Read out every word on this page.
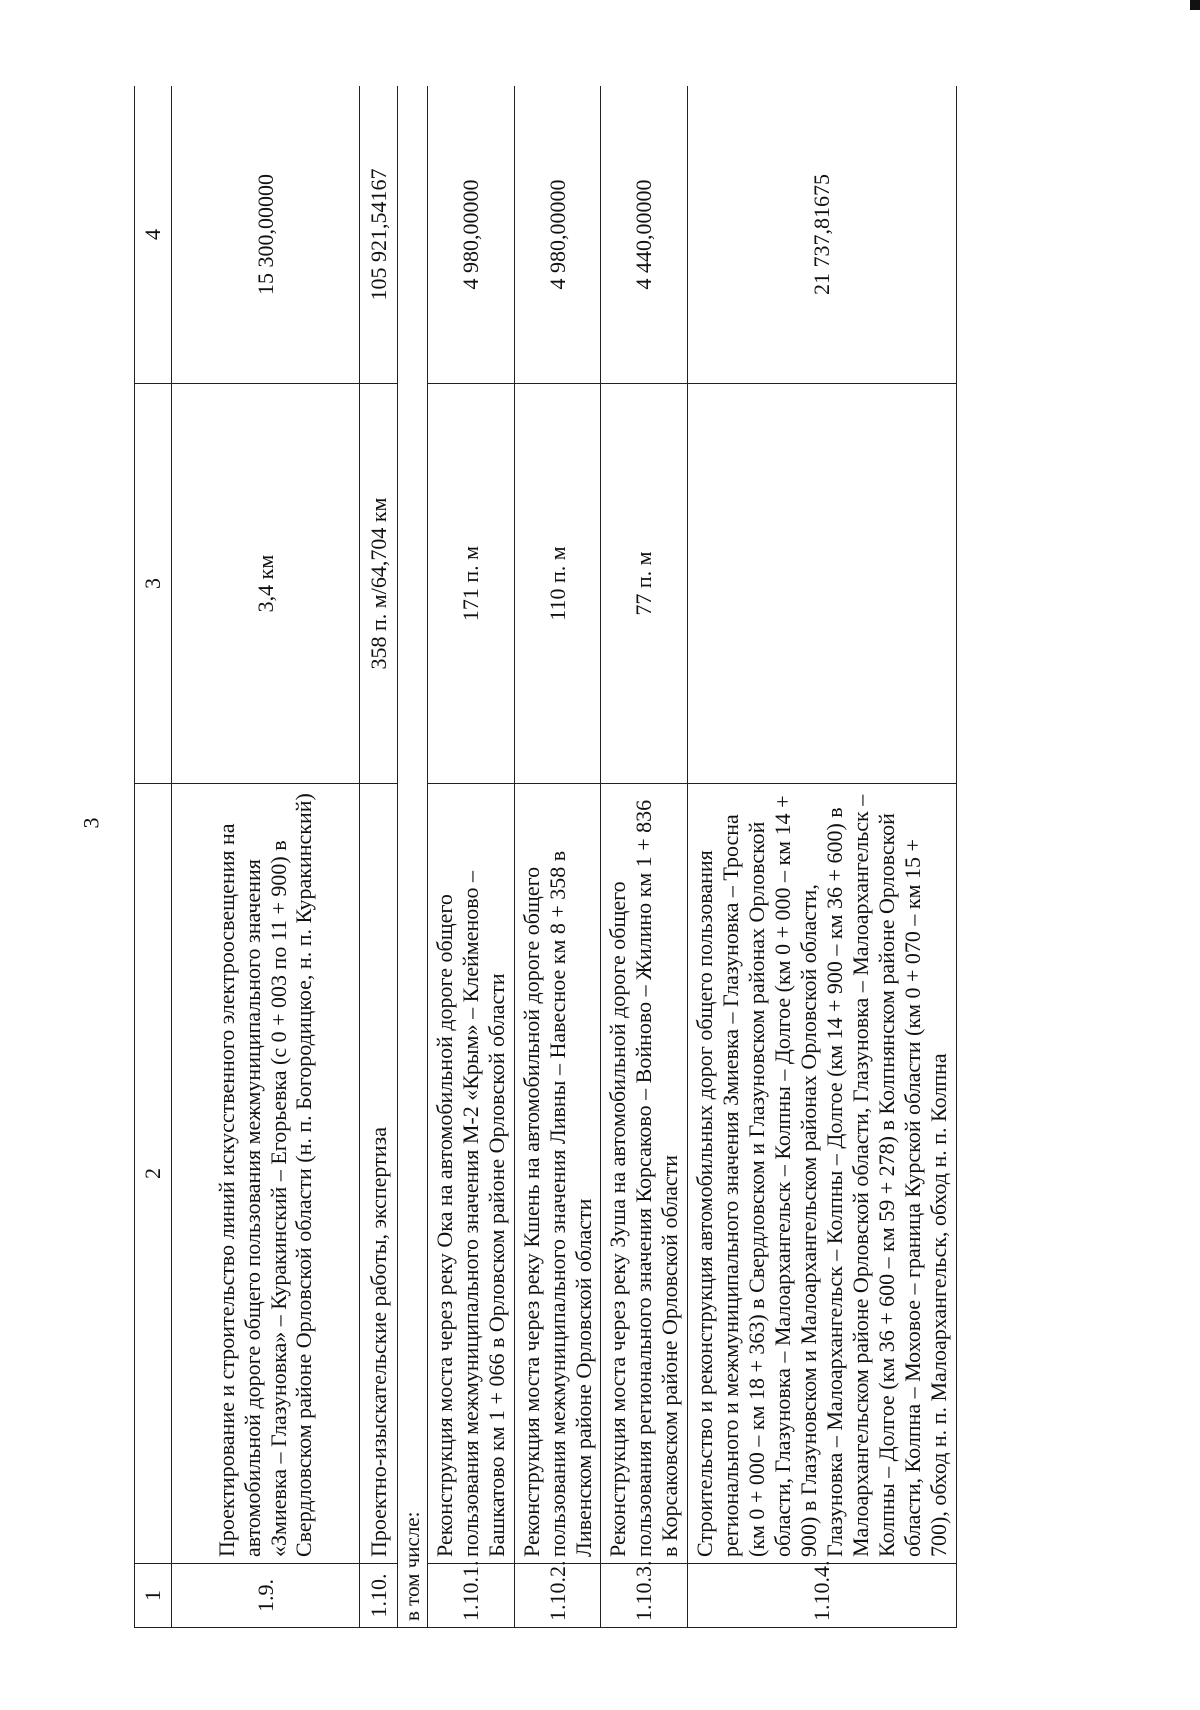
3
1	2	3	4
1.9.	Проектирование и строительство линий искусственного электроосвещения на автомобильной дороге общего пользования межмуниципального значения «Змиевка – Глазуновка» – Куракинский – Егорьевка (с 0 + 003 по 11 + 900) в Свердловском районе Орловской области (н. п. Богородицкое, н. п. Куракинский)	3,4 км	15 300,00000
1.10.	Проектно-изыскательские работы, экспертиза	358 п. м/64,704 км	105 921,54167
в том числе:			
1.10.1.	Реконструкция моста через реку Ока на автомобильной дороге общего пользования межмуниципального значения М-2 «Крым» – Клейменово – Башкатово км 1 + 066 в Орловском районе Орловской области	171 п. м	4 980,00000
1.10.2.	Реконструкция моста через реку Кшень на автомобильной дороге общего пользования межмуниципального значения Ливны – Навесное км 8 + 358 в Ливенском районе Орловской области	110 п. м	4 980,00000
1.10.3.	Реконструкция моста через реку Зуша на автомобильной дороге общего пользования регионального значения Корсаково – Войново – Жилино км 1 + 836 в Корсаковском районе Орловской области	77 п. м	4 440,00000
1.10.4.	Строительство и реконструкция автомобильных дорог общего пользования регионального и межмуниципального значения Змиевка – Глазуновка – Тросна (км 0 + 000 – км 18 + 363) в Свердловском и Глазуновском районах Орловской области, Глазуновка – Малоархангельск – Колпны – Долгое (км 0 + 000 – км 14 + 900) в Глазуновском и Малоархангельском районах Орловской области, Глазуновка – Малоархангельск – Колпны – Долгое (км 14 + 900 – км 36 + 600) в Малоархангельском районе Орловской области, Глазуновка – Малоархангельск – Колпны – Долгое (км 36 + 600 – км 59 + 278) в Колпнянском районе Орловской области, Колпна – Моховое – граница Курской области (км 0 + 070 – км 15 + 700), обход н. п. Малоархангельск, обход н. п. Колпна		21 737,81675
